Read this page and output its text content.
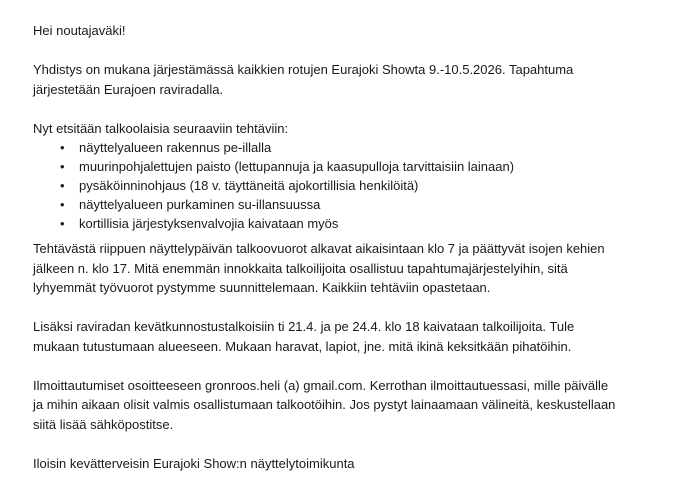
Hei noutajaväki!

Yhdistys on mukana järjestämässä kaikkien rotujen Eurajoki Showta 9.-10.5.2026. Tapahtuma
järjestetään Eurajoen raviradalla.

Nyt etsitään talkoolaisia seuraaviin tehtäviin:

• näyttelyalueen rakennus pe-illalla
• muurinpohjalettujen paisto (lettupannuja ja kaasupulloja tarvittaisiin lainaan)
• pysäköinninohjaus (18 v. täyttäneitä ajokortillisia henkilöitä)
• näyttelyalueen purkaminen su-illansuussa
• kortillisia järjestyksenvalvojia kaivataan myös

Tehtävästä riippuen näyttelypäivän talkoovuorot alkavat aikaisintaan klo 7 ja päättyvät isojen kehien
jälkeen n. klo 17. Mitä enemmän innokkaita talkoilijoita osallistuu tapahtumajärjestelyihin, sitä
lyhyemmät työvuorot pystymme suunnittelemaan. Kaikkiin tehtäviin opastetaan.

Lisäksi raviradan kevätkunnostustalkoisiin ti 21.4. ja pe 24.4. klo 18 kaivataan talkoilijoita. Tule
mukaan tutustumaan alueeseen. Mukaan haravat, lapiot, jne. mitä ikinä keksitkään pihatöihin.

Ilmoittautumiset osoitteeseen gronroos.heli (a) gmail.com. Kerrothan ilmoittautuessasi, mille päivälle
ja mihin aikaan olisit valmis osallistumaan talkootöihin. Jos pystyt lainaamaan välineitä, keskustellaan
siitä lisää sähköpostitse.

Iloisin kevätterveisin Eurajoki Show:n näyttelytoimikunta
